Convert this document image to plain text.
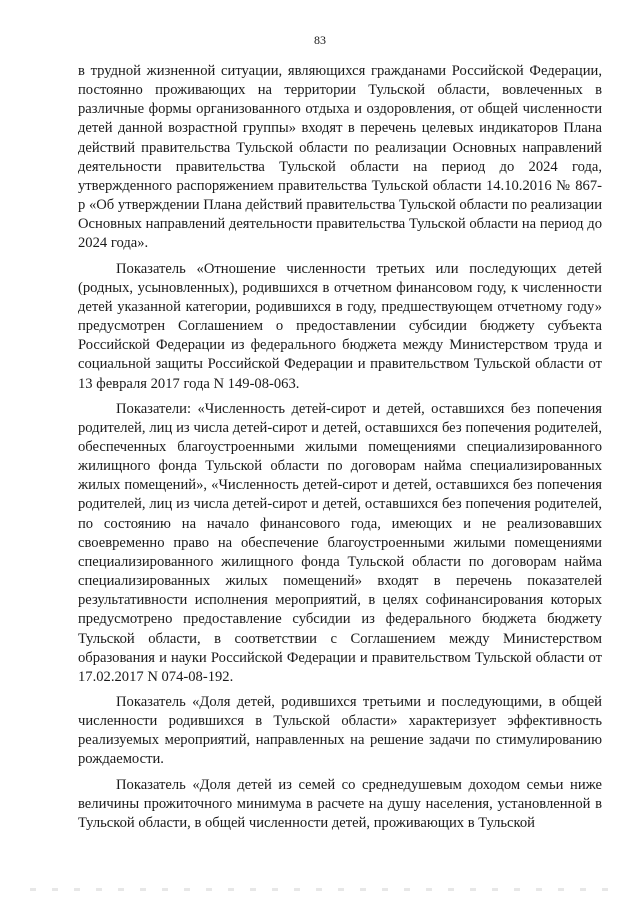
83

в трудной жизненной ситуации, являющихся гражданами Российской Федерации, постоянно проживающих на территории Тульской области, вовлеченных в различные формы организованного отдыха и оздоровления, от общей численности детей данной возрастной группы» входят в перечень целевых индикаторов Плана действий правительства Тульской области по реализации Основных направлений деятельности правительства Тульской области на период до 2024 года, утвержденного распоряжением правительства Тульской области 14.10.2016 № 867-р «Об утверждении Плана действий правительства Тульской области по реализации Основных направлений деятельности правительства Тульской области на период до 2024 года».

Показатель «Отношение численности третьих или последующих детей (родных, усыновленных), родившихся в отчетном финансовом году, к численности детей указанной категории, родившихся в году, предшествующем отчетному году» предусмотрен Соглашением о предоставлении субсидии бюджету субъекта Российской Федерации из федерального бюджета между Министерством труда и социальной защиты Российской Федерации и правительством Тульской области от 13 февраля 2017 года N 149-08-063.

Показатели: «Численность детей-сирот и детей, оставшихся без попечения родителей, лиц из числа детей-сирот и детей, оставшихся без попечения родителей, обеспеченных благоустроенными жилыми помещениями специализированного жилищного фонда Тульской области по договорам найма специализированных жилых помещений», «Численность детей-сирот и детей, оставшихся без попечения родителей, лиц из числа детей-сирот и детей, оставшихся без попечения родителей, по состоянию на начало финансового года, имеющих и не реализовавших своевременно право на обеспечение благоустроенными жилыми помещениями специализированного жилищного фонда Тульской области по договорам найма специализированных жилых помещений» входят в перечень показателей результативности исполнения мероприятий, в целях софинансирования которых предусмотрено предоставление субсидии из федерального бюджета бюджету Тульской области, в соответствии с Соглашением между Министерством образования и науки Российской Федерации и правительством Тульской области от 17.02.2017 N 074-08-192.

Показатель «Доля детей, родившихся третьими и последующими, в общей численности родившихся в Тульской области» характеризует эффективность реализуемых мероприятий, направленных на решение задачи по стимулированию рождаемости.

Показатель «Доля детей из семей со среднедушевым доходом семьи ниже величины прожиточного минимума в расчете на душу населения, установленной в Тульской области, в общей численности детей, проживающих в Тульской
